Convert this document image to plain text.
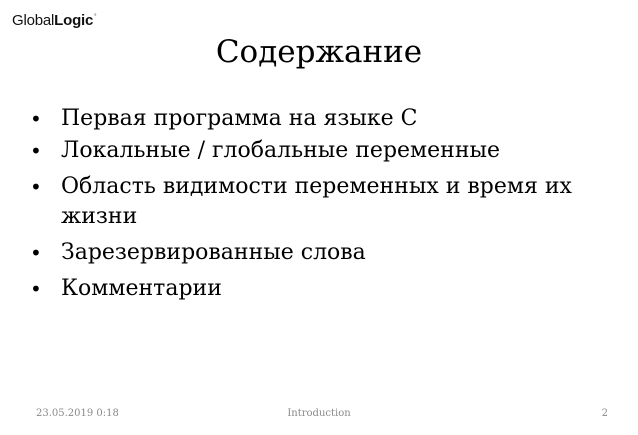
GlobalLogic°
Содержание
• Первая программа на языке С
• Локальные / глобальные переменные
• Область видимости переменных и время их жизни
• Зарезервированные слова
• Комментарии
23.05.2019 0:18	Introduction	2
